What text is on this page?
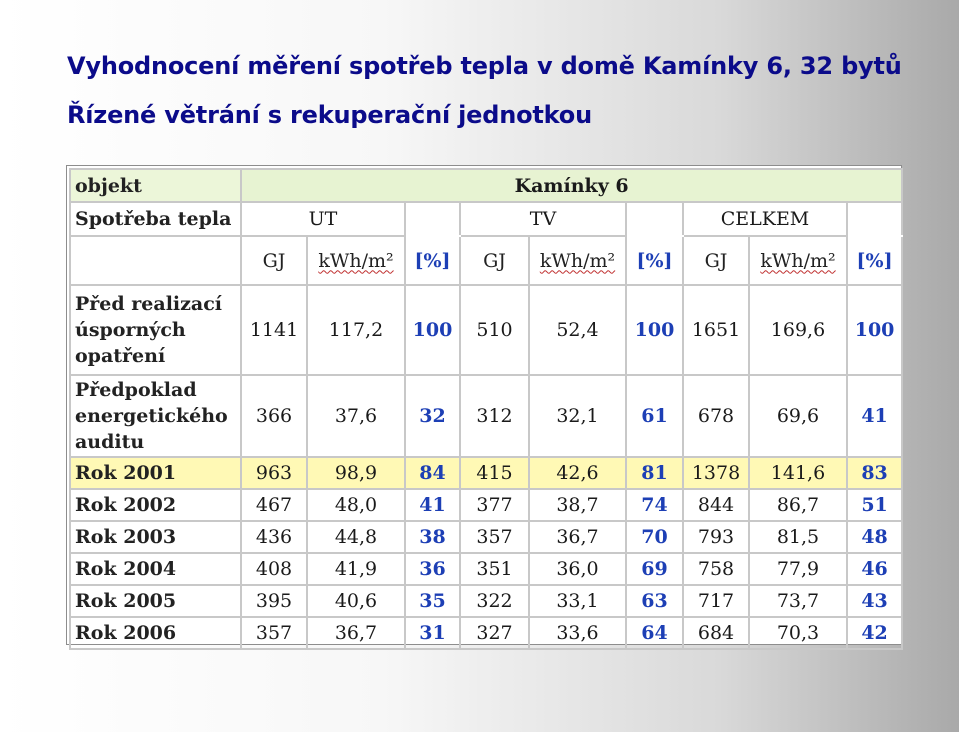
Vyhodnocení měření spotřeb tepla v domě Kamínky 6, 32 bytů
Řízené větrání s rekuperační jednotkou
objekt	Kamínky 6								
Spotřeba tepla	UT			TV			CELKEM		
	GJ	kWh/m²	[%]	GJ	kWh/m²	[%]	GJ	kWh/m²	[%]
Před realizací úsporných opatření	1141	117,2	100	510	52,4	100	1651	169,6	100
Předpoklad energetického auditu	366	37,6	32	312	32,1	61	678	69,6	41
Rok 2001	963	98,9	84	415	42,6	81	1378	141,6	83
Rok 2002	467	48,0	41	377	38,7	74	844	86,7	51
Rok 2003	436	44,8	38	357	36,7	70	793	81,5	48
Rok 2004	408	41,9	36	351	36,0	69	758	77,9	46
Rok 2005	395	40,6	35	322	33,1	63	717	73,7	43
Rok 2006	357	36,7	31	327	33,6	64	684	70,3	42
